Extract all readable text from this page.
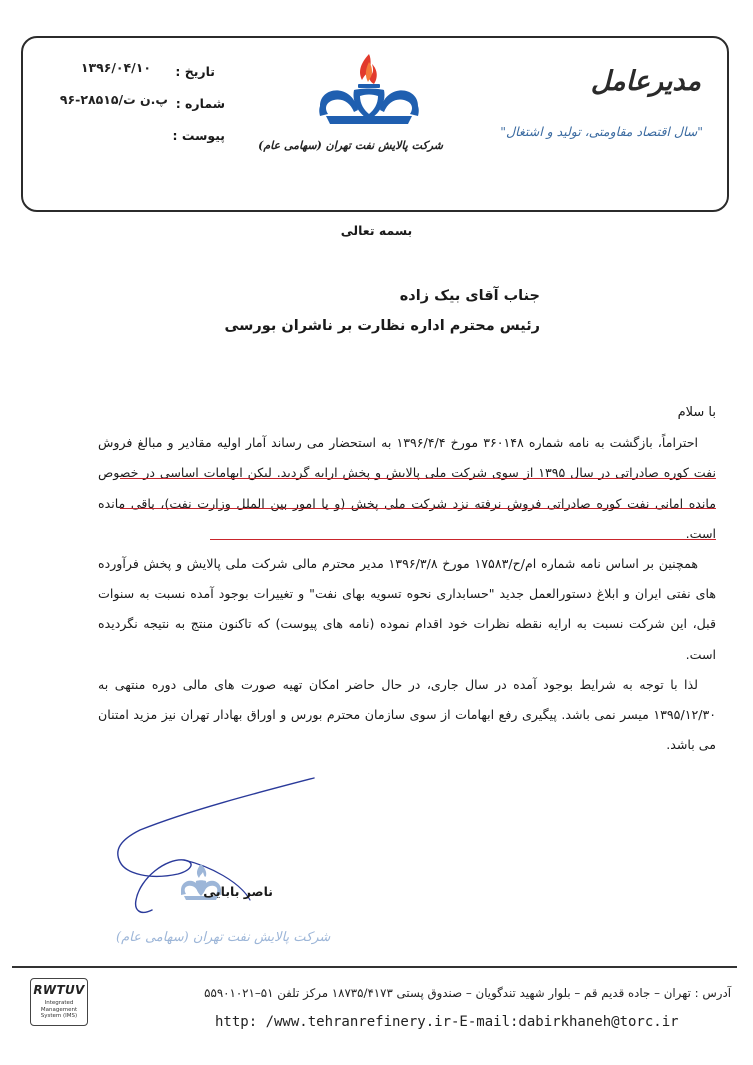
تاریخ :
۱۳۹۶/۰۴/۱۰
شماره :
پ.ن ت/۲۸۵۱۵-۹۶
پیوست :
شرکت پالایش نفت تهران (سهامی عام)
مدیرعامل
"سال اقتصاد مقاومتی، تولید و اشتغال"
بسمه تعالی
جناب آقای بیک زاده
رئیس محترم اداره نظارت بر ناشران بورسی

با سلام

احتراماً، بازگشت به نامه شماره ۳۶۰۱۴۸ مورخ ۱۳۹۶/۴/۴ به استحضار می رساند آمار اولیه مقادیر و مبالغ فروش نفت کوره صادراتی در سال ۱۳۹۵ از سوی شرکت ملی پالایش و پخش ارایه گردید. لیکن ابهامات اساسی در خصوص مانده امانی نفت کوره صادراتی فروش نرفته نزد شرکت ملی پخش (و یا امور بین الملل وزارت نفت)، باقی مانده است.

همچنین بر اساس نامه شماره ام/ح/۱۷۵۸۳ مورخ ۱۳۹۶/۳/۸ مدیر محترم مالی شرکت ملی پالایش و پخش فرآورده های نفتی ایران و ابلاغ دستورالعمل جدید "حسابداری نحوه تسویه بهای نفت" و تغییرات بوجود آمده نسبت به سنوات قبل، این شرکت نسبت به ارایه نقطه نظرات خود اقدام نموده (نامه های پیوست) که تاکنون منتج به نتیجه نگردیده است.

لذا با توجه به شرایط بوجود آمده در سال جاری، در حال حاضر امکان تهیه صورت های مالی دوره منتهی به ۱۳۹۵/۱۲/۳۰ میسر نمی باشد. پیگیری رفع ابهامات از سوی سازمان محترم بورس و اوراق بهادار تهران نیز مزید امتنان می باشد.

ناصر بابایی
شرکت پالایش نفت تهران (سهامی عام)
RWTUV
Integrated Management System (IMS)
آدرس : تهران – جاده قدیم قم – بلوار شهید تندگویان – صندوق پستی ۱۸۷۳۵/۴۱۷۳ مرکز تلفن ۵۱–۵۵۹۰۱۰۲۱
http: /www.tehranrefinery.ir-E-mail:dabirkhaneh@torc.ir
